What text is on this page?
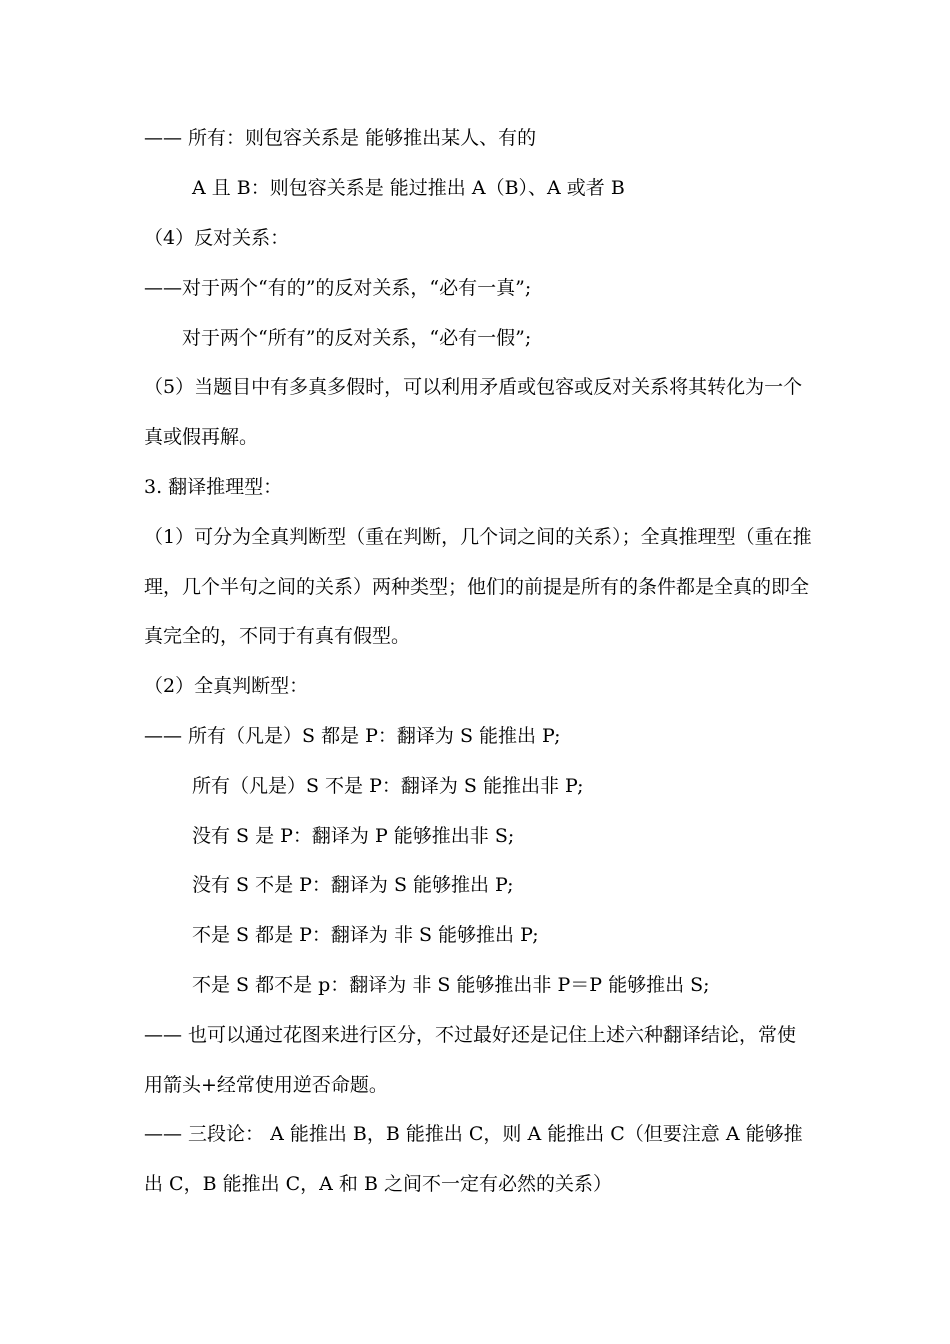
—— 所有：则包容关系是 能够推出某人、有的
A 且 B：则包容关系是 能过推出 A（B）、A 或者 B
（4）反对关系：
——对于两个“有的”的反对关系，“必有一真”;
对于两个“所有”的反对关系，“必有一假”;
（5）当题目中有多真多假时，可以利用矛盾或包容或反对关系将其转化为一个
真或假再解。
3. 翻译推理型：
（1）可分为全真判断型（重在判断，几个词之间的关系）；全真推理型（重在推
理，几个半句之间的关系）两种类型；他们的前提是所有的条件都是全真的即全
真完全的，不同于有真有假型。
（2）全真判断型：
—— 所有（凡是）S 都是 P：翻译为 S 能推出 P;
所有（凡是）S 不是 P：翻译为 S 能推出非 P;
没有 S 是 P：翻译为 P 能够推出非 S;
没有 S 不是 P：翻译为 S 能够推出 P;
不是 S 都是 P：翻译为 非 S 能够推出 P;
不是 S 都不是 p：翻译为 非 S 能够推出非 P＝P 能够推出 S;
—— 也可以通过花图来进行区分，不过最好还是记住上述六种翻译结论，常使
用箭头+经常使用逆否命题。
—— 三段论： A 能推出 B，B 能推出 C，则 A 能推出 C（但要注意 A 能够推
出 C，B 能推出 C，A 和 B 之间不一定有必然的关系）
